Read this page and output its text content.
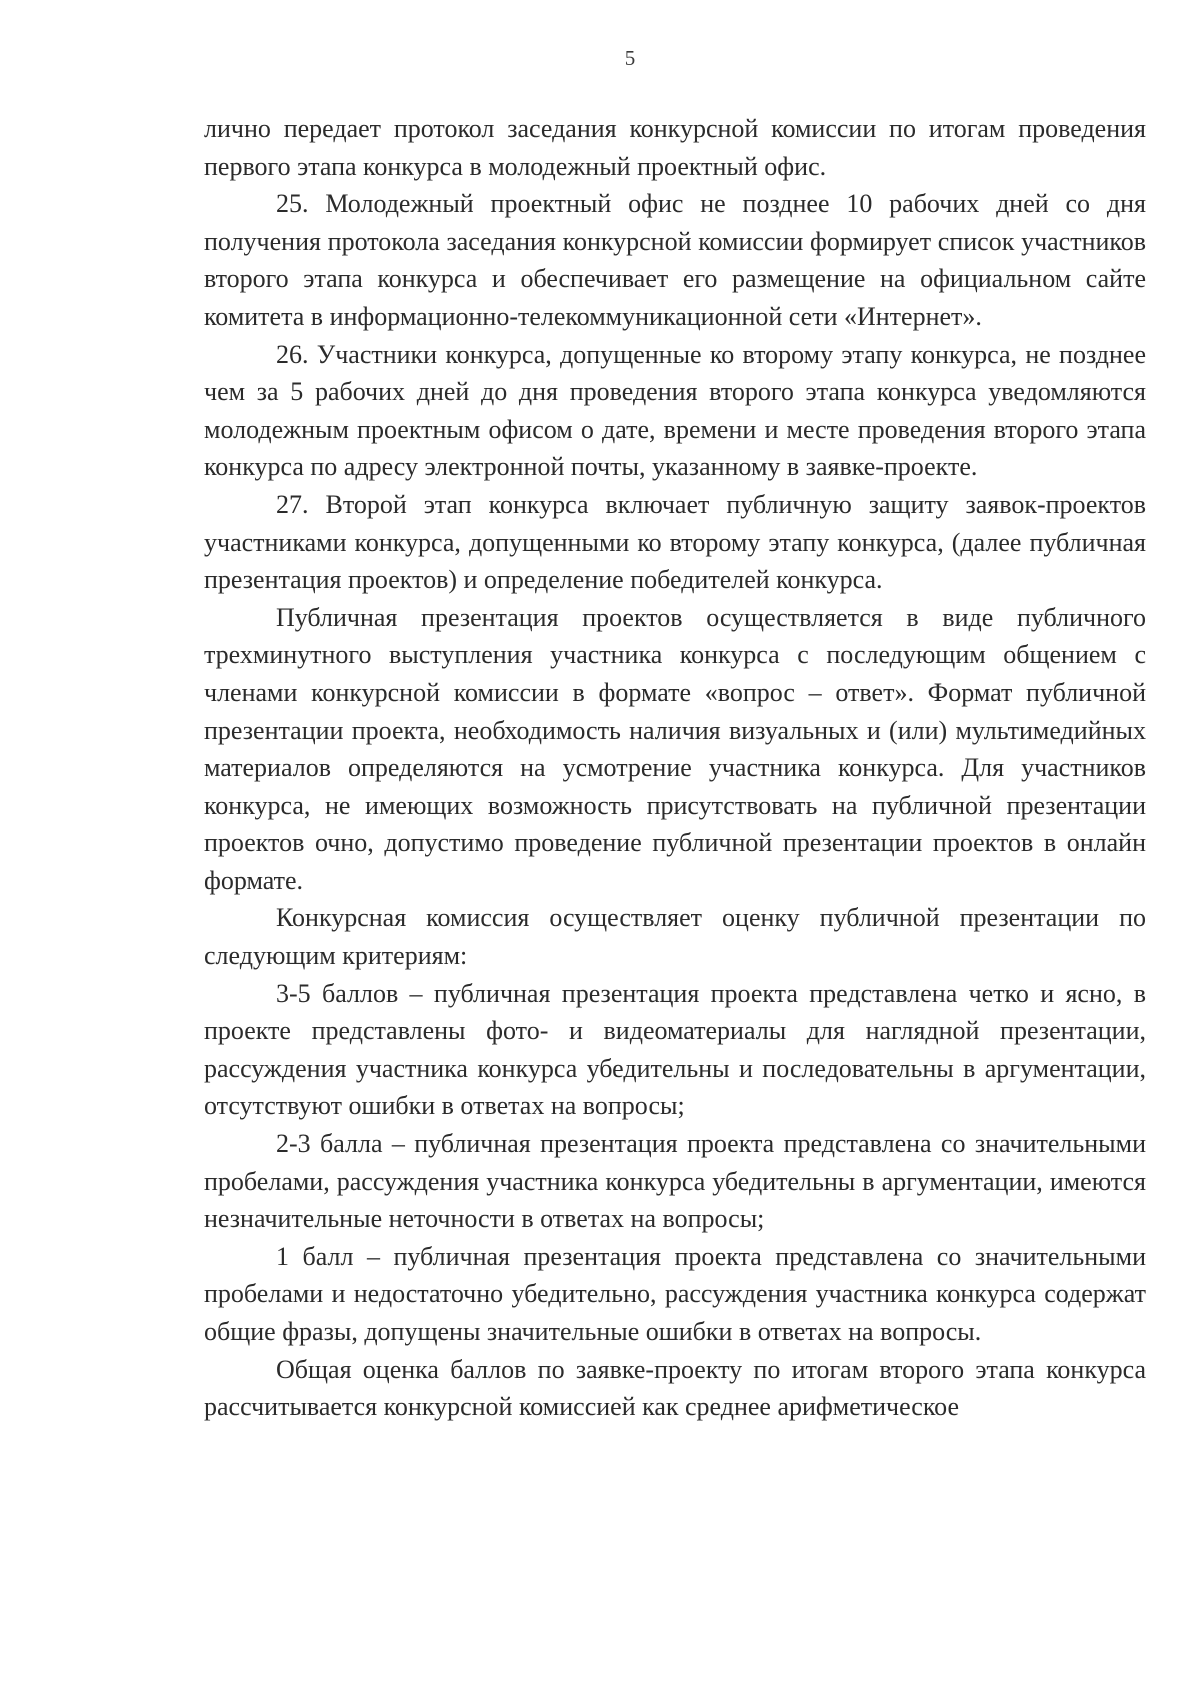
5

лично передает протокол заседания конкурсной комиссии по итогам проведения первого этапа конкурса в молодежный проектный офис.

25. Молодежный проектный офис не позднее 10 рабочих дней со дня получения протокола заседания конкурсной комиссии формирует список участников второго этапа конкурса и обеспечивает его размещение на официальном сайте комитета в информационно-телекоммуникационной сети «Интернет».

26. Участники конкурса, допущенные ко второму этапу конкурса, не позднее чем за 5 рабочих дней до дня проведения второго этапа конкурса уведомляются молодежным проектным офисом о дате, времени и месте проведения второго этапа конкурса по адресу электронной почты, указанному в заявке-проекте.

27. Второй этап конкурса включает публичную защиту заявок-проектов участниками конкурса, допущенными ко второму этапу конкурса, (далее публичная презентация проектов) и определение победителей конкурса.

Публичная презентация проектов осуществляется в виде публичного трехминутного выступления участника конкурса с последующим общением с членами конкурсной комиссии в формате «вопрос – ответ». Формат публичной презентации проекта, необходимость наличия визуальных и (или) мультимедийных материалов определяются на усмотрение участника конкурса. Для участников конкурса, не имеющих возможность присутствовать на публичной презентации проектов очно, допустимо проведение публичной презентации проектов в онлайн формате.

Конкурсная комиссия осуществляет оценку публичной презентации по следующим критериям:

3-5 баллов – публичная презентация проекта представлена четко и ясно, в проекте представлены фото- и видеоматериалы для наглядной презентации, рассуждения участника конкурса убедительны и последовательны в аргументации, отсутствуют ошибки в ответах на вопросы;

2-3 балла – публичная презентация проекта представлена со значительными пробелами, рассуждения участника конкурса убедительны в аргументации, имеются незначительные неточности в ответах на вопросы;

1 балл – публичная презентация проекта представлена со значительными пробелами и недостаточно убедительно, рассуждения участника конкурса содержат общие фразы, допущены значительные ошибки в ответах на вопросы.

Общая оценка баллов по заявке-проекту по итогам второго этапа конкурса рассчитывается конкурсной комиссией как среднее арифметическое
